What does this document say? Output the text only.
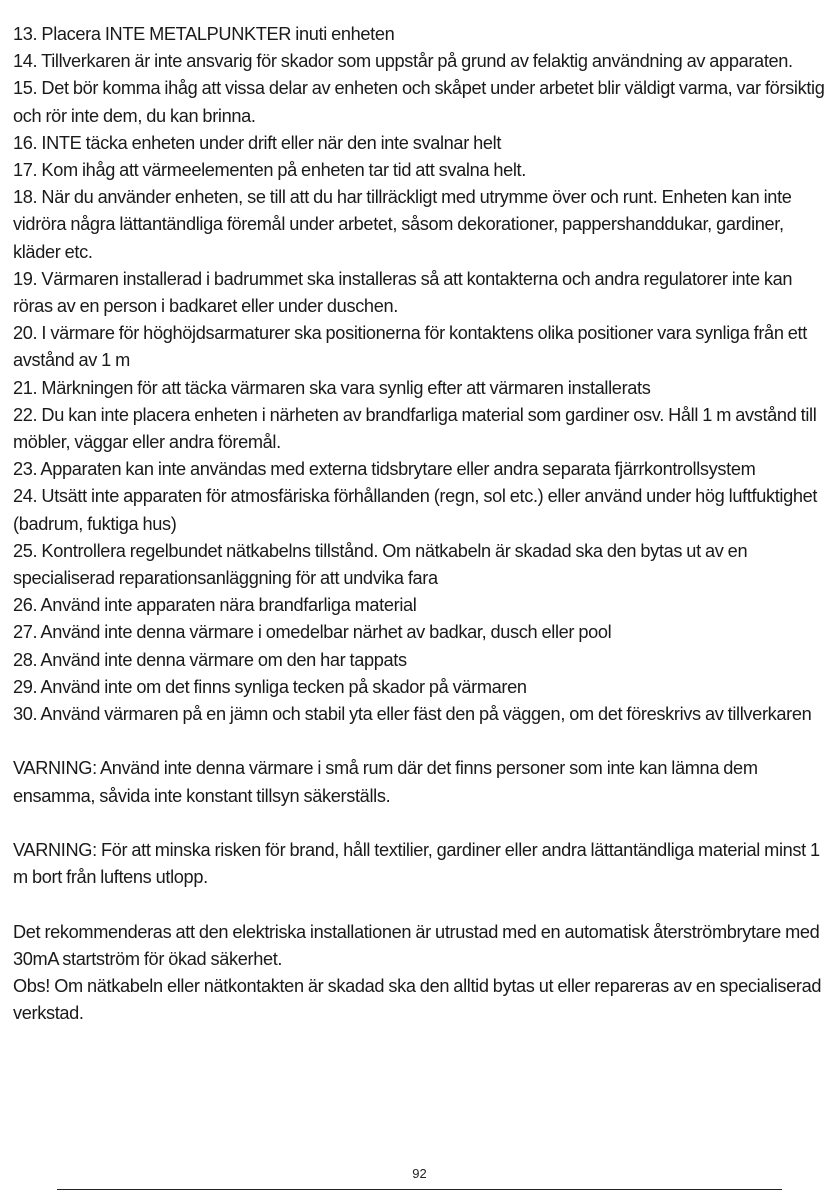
13. Placera INTE METALPUNKTER inuti enheten

14. Tillverkaren är inte ansvarig för skador som uppstår på grund av felaktig användning av apparaten.

15. Det bör komma ihåg att vissa delar av enheten och skåpet under arbetet blir väldigt varma, var försiktig och rör inte dem, du kan brinna.

16. INTE täcka enheten under drift eller när den inte svalnar helt

17. Kom ihåg att värmeelementen på enheten tar tid att svalna helt.

18. När du använder enheten, se till att du har tillräckligt med utrymme över och runt. Enheten kan inte vidröra några lättantändliga föremål under arbetet, såsom dekorationer, pappershanddukar, gardiner, kläder etc.

19. Värmaren installerad i badrummet ska installeras så att kontakterna och andra regulatorer inte kan röras av en person i badkaret eller under duschen.

20. I värmare för höghöjdsarmaturer ska positionerna för kontaktens olika positioner vara synliga från ett avstånd av 1 m

21. Märkningen för att täcka värmaren ska vara synlig efter att värmaren installerats

22. Du kan inte placera enheten i närheten av brandfarliga material som gardiner osv. Håll 1 m avstånd till möbler, väggar eller andra föremål.

23. Apparaten kan inte användas med externa tidsbrytare eller andra separata fjärrkontrollsystem

24. Utsätt inte apparaten för atmosfäriska förhållanden (regn, sol etc.) eller använd under hög luftfuktighet (badrum, fuktiga hus)

25. Kontrollera regelbundet nätkabelns tillstånd. Om nätkabeln är skadad ska den bytas ut av en specialiserad reparationsanläggning för att undvika fara

26. Använd inte apparaten nära brandfarliga material

27. Använd inte denna värmare i omedelbar närhet av badkar, dusch eller pool

28. Använd inte denna värmare om den har tappats

29. Använd inte om det finns synliga tecken på skador på värmaren

30. Använd värmaren på en jämn och stabil yta eller fäst den på väggen, om det föreskrivs av tillverkaren

VARNING: Använd inte denna värmare i små rum där det finns personer som inte kan lämna dem ensamma, såvida inte konstant tillsyn säkerställs.

VARNING: För att minska risken för brand, håll textilier, gardiner eller andra lättantändliga material minst 1 m bort från luftens utlopp.

Det rekommenderas att den elektriska installationen är utrustad med en automatisk återströmbrytare med 30mA startström för ökad säkerhet.

Obs! Om nätkabeln eller nätkontakten är skadad ska den alltid bytas ut eller repareras av en specialiserad verkstad.

92
